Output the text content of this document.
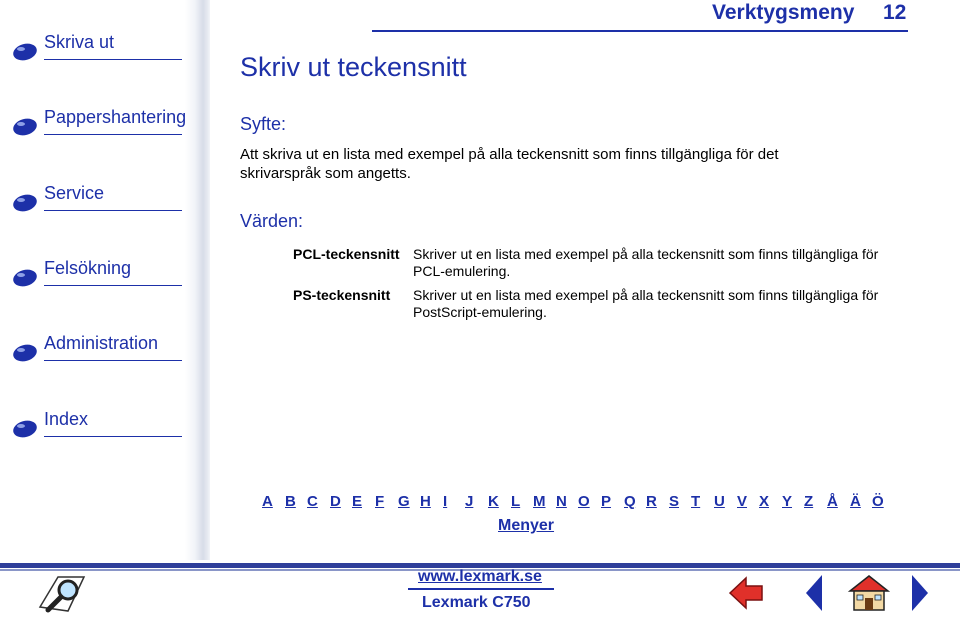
Skriva ut
Pappershantering
Service
Felsökning
Administration
Index
Verktygsmeny 12
Skriv ut teckensnitt
Syfte:
Att skriva ut en lista med exempel på alla teckensnitt som finns tillgängliga för det skrivarspråk som angetts.
Värden:
PCL-teckensnitt Skriver ut en lista med exempel på alla teckensnitt som finns tillgängliga för PCL-emulering.
PS-teckensnitt Skriver ut en lista med exempel på alla teckensnitt som finns tillgängliga för PostScript-emulering.
A B C D E F G H I J K L M N O P Q R S T U V X Y Z Å Ä Ö
Menyer
www.lexmark.se
Lexmark C750
